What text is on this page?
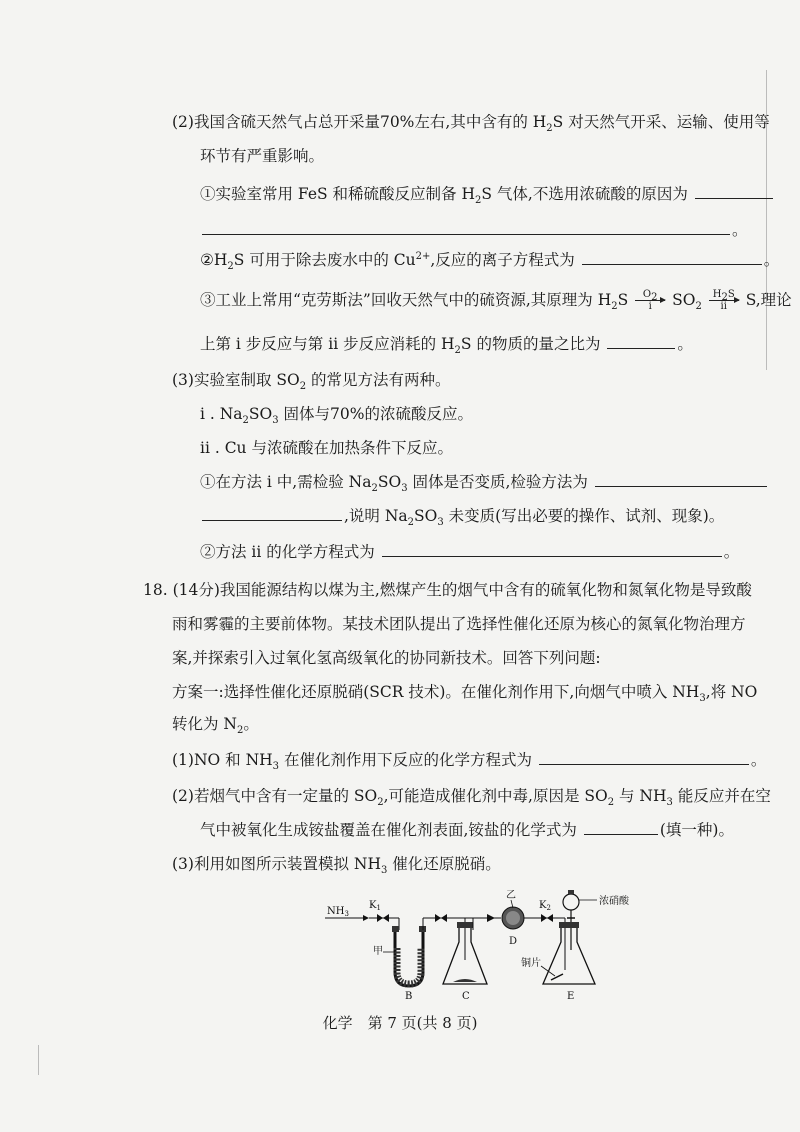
(2)我国含硫天然气占总开采量70%左右,其中含有的 $H_2S$ 对天然气开采、运输、使用等
环节有严重影响。
①实验室常用 FeS 和稀硫酸反应制备 $H_2S$ 气体,不选用浓硫酸的原因为
。
$②H_2S$ 可用于除去废水中的 $Cu^{2+}$,反应的离子方程式为	。
③工业上常用“克劳斯法”回收天然气中的硫资源,其原理为 $H_2S \frac{O_2}{i} SO_2 \frac{H_2S}{ii} S$,理论
上第 i 步反应与第 ii 步反应消耗的 $H_2S$ 的物质的量之比为	。
(3)实验室制取 $SO_2$ 的常见方法有两种。
i . $Na_2SO_3$ 固体与70%的浓硫酸反应。
ii . Cu 与浓硫酸在加热条件下反应。
①在方法 i 中,需检验 $Na_2SO_3$ 固体是否变质,检验方法为
,说明 $Na_2SO_3$ 未变质(写出必要的操作、试剂、现象)。
②方法 ii 的化学方程式为	。
18. (14分)我国能源结构以煤为主,燃煤产生的烟气中含有的硫氧化物和氮氧化物是导致酸
雨和雾霾的主要前体物。某技术团队提出了选择性催化还原为核心的氮氧化物治理方
案,并探索引入过氧化氢高级氧化的协同新技术。回答下列问题:
方案一:选择性催化还原脱硝(SCR 技术)。在催化剂作用下,向烟气中喷入 $NH_3$,将 NO
转化为 $N_2$。
(1)NO 和 $NH_3$ 在催化剂作用下反应的化学方程式为	。
(2)若烟气中含有一定量的 $SO_2$,可能造成催化剂中毒,原因是 $SO_2$ 与 $NH_3$ 能反应并在空
气中被氧化生成铵盐覆盖在催化剂表面,铵盐的化学式为	(填一种)。
(3)利用如图所示装置模拟 $NH_3$ 催化还原脱硝。
$NH_3$
$K_1$
甲
B	C
乙
D
$K_2$
浓硝酸
铜片
E
化学　第 7 页(共 8 页)
